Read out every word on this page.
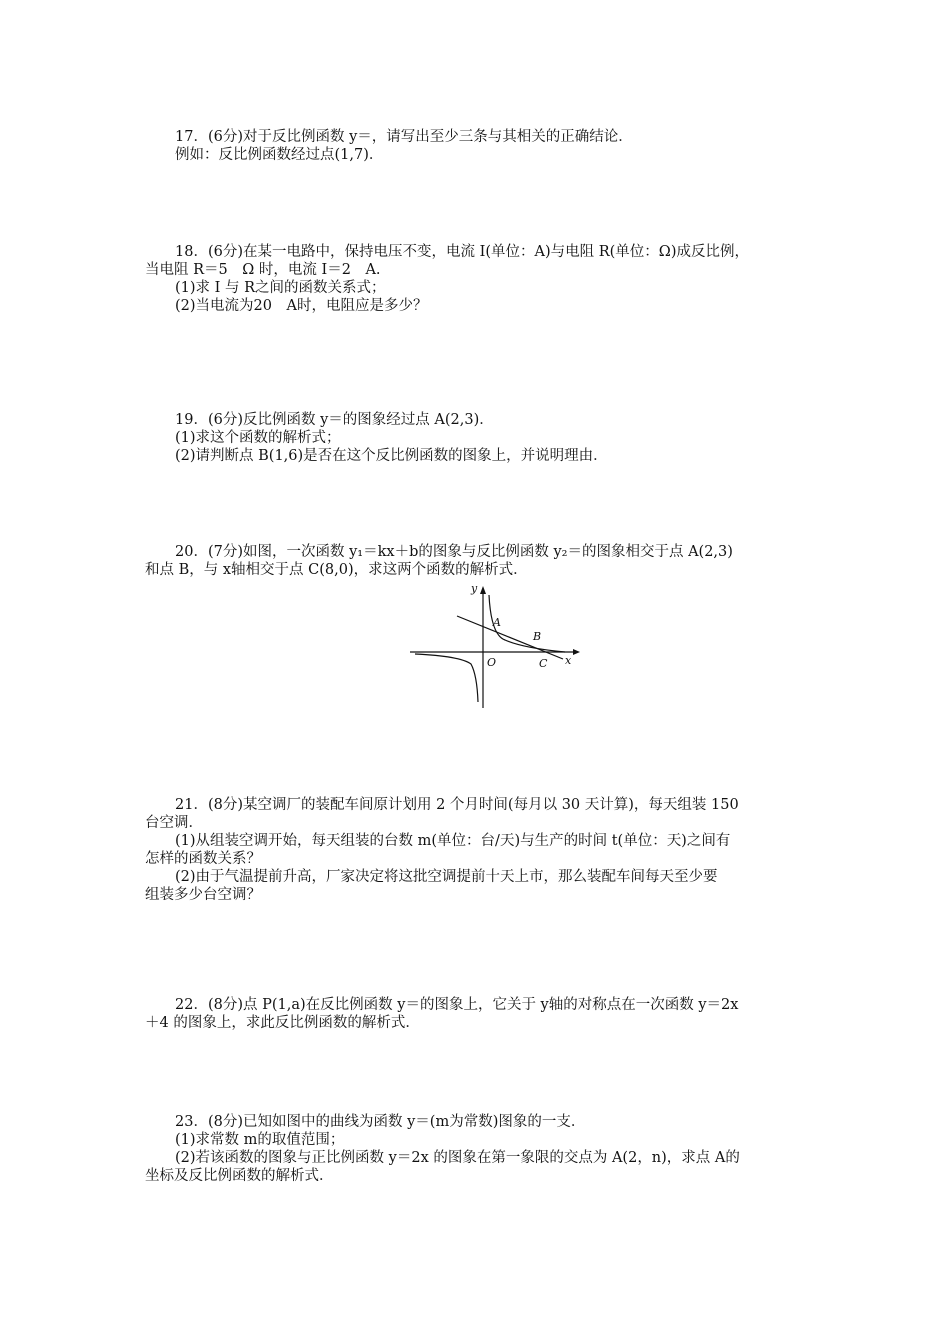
17．(6分)对于反比例函数 y＝，请写出至少三条与其相关的正确结论．

例如：反比例函数经过点(1,7)．

18．(6分)在某一电路中，保持电压不变，电流 I(单位：A)与电阻 R(单位：Ω)成反比例，

当电阻 R＝5　Ω 时，电流 I＝2　A.

(1)求 I 与 R之间的函数关系式；

(2)当电流为20　A时，电阻应是多少？

19．(6分)反比例函数 y＝的图象经过点 A(2,3)．

(1)求这个函数的解析式；

(2)请判断点 B(1,6)是否在这个反比例函数的图象上，并说明理由．

20．(7分)如图，一次函数 y₁＝kx＋b的图象与反比例函数 y₂＝的图象相交于点 A(2,3)

和点 B，与 x轴相交于点 C(8,0)，求这两个函数的解析式．

y
x
O
A
B
C

21．(8分)某空调厂的装配车间原计划用 2 个月时间(每月以 30 天计算)，每天组装 150

台空调．

(1)从组装空调开始，每天组装的台数 m(单位：台/天)与生产的时间 t(单位：天)之间有

怎样的函数关系？

(2)由于气温提前升高，厂家决定将这批空调提前十天上市，那么装配车间每天至少要

组装多少台空调？

22．(8分)点 P(1,a)在反比例函数 y＝的图象上，它关于 y轴的对称点在一次函数 y＝2x

＋4 的图象上，求此反比例函数的解析式．

23．(8分)已知如图中的曲线为函数 y＝(m为常数)图象的一支．

(1)求常数 m的取值范围；

(2)若该函数的图象与正比例函数 y＝2x 的图象在第一象限的交点为 A(2，n)，求点 A的

坐标及反比例函数的解析式．
